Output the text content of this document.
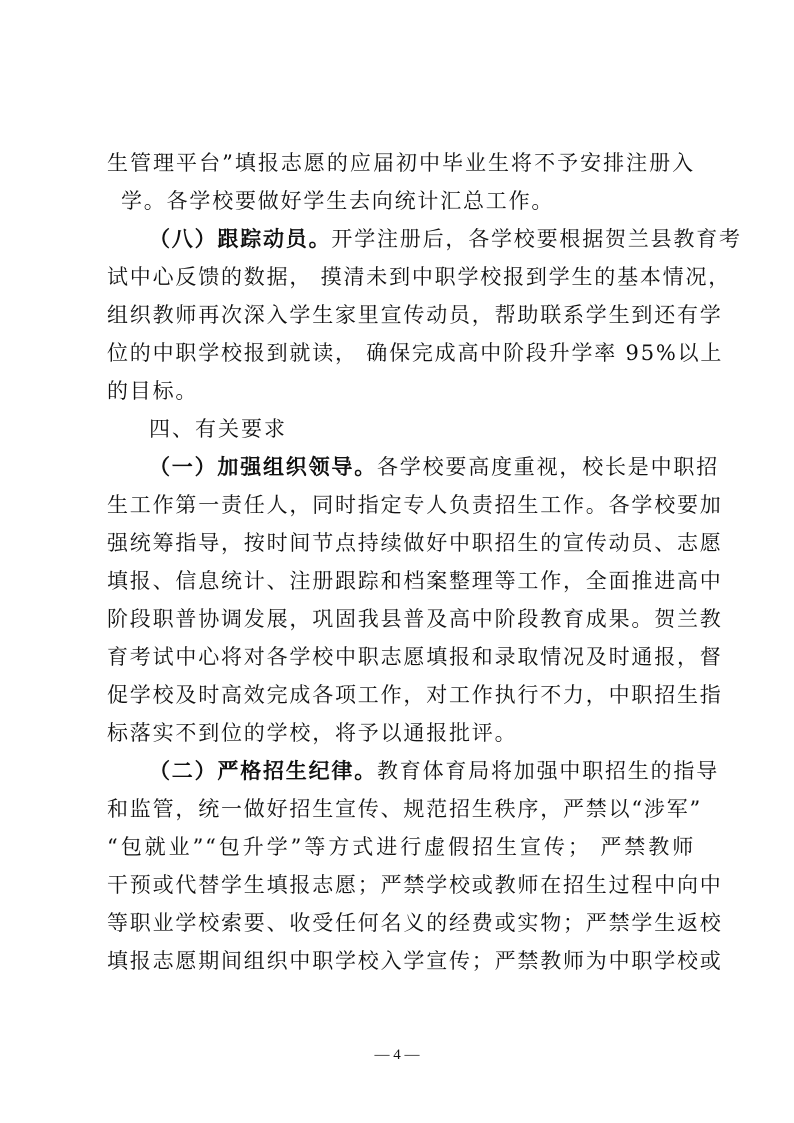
生管理平台”填报志愿的应届初中毕业生将不予安排注册入
学。各学校要做好学生去向统计汇总工作。
（八）跟踪动员。开学注册后，各学校要根据贺兰县教育考
试中心反馈的数据， 摸清未到中职学校报到学生的基本情况，
组织教师再次深入学生家里宣传动员，帮助联系学生到还有学
位的中职学校报到就读， 确保完成高中阶段升学率 95%以上
的目标。
四、有关要求
（一）加强组织领导。各学校要高度重视，校长是中职招
生工作第一责任人，同时指定专人负责招生工作。各学校要加
强统筹指导，按时间节点持续做好中职招生的宣传动员、志愿
填报、信息统计、注册跟踪和档案整理等工作，全面推进高中
阶段职普协调发展，巩固我县普及高中阶段教育成果。贺兰教
育考试中心将对各学校中职志愿填报和录取情况及时通报，督
促学校及时高效完成各项工作，对工作执行不力，中职招生指
标落实不到位的学校，将予以通报批评。
（二）严格招生纪律。教育体育局将加强中职招生的指导
和监管，统一做好招生宣传、规范招生秩序，严禁以“涉军”
“包就业”“包升学”等方式进行虚假招生宣传； 严禁教师
干预或代替学生填报志愿；严禁学校或教师在招生过程中向中
等职业学校索要、收受任何名义的经费或实物；严禁学生返校
填报志愿期间组织中职学校入学宣传；严禁教师为中职学校或
— 4 —
